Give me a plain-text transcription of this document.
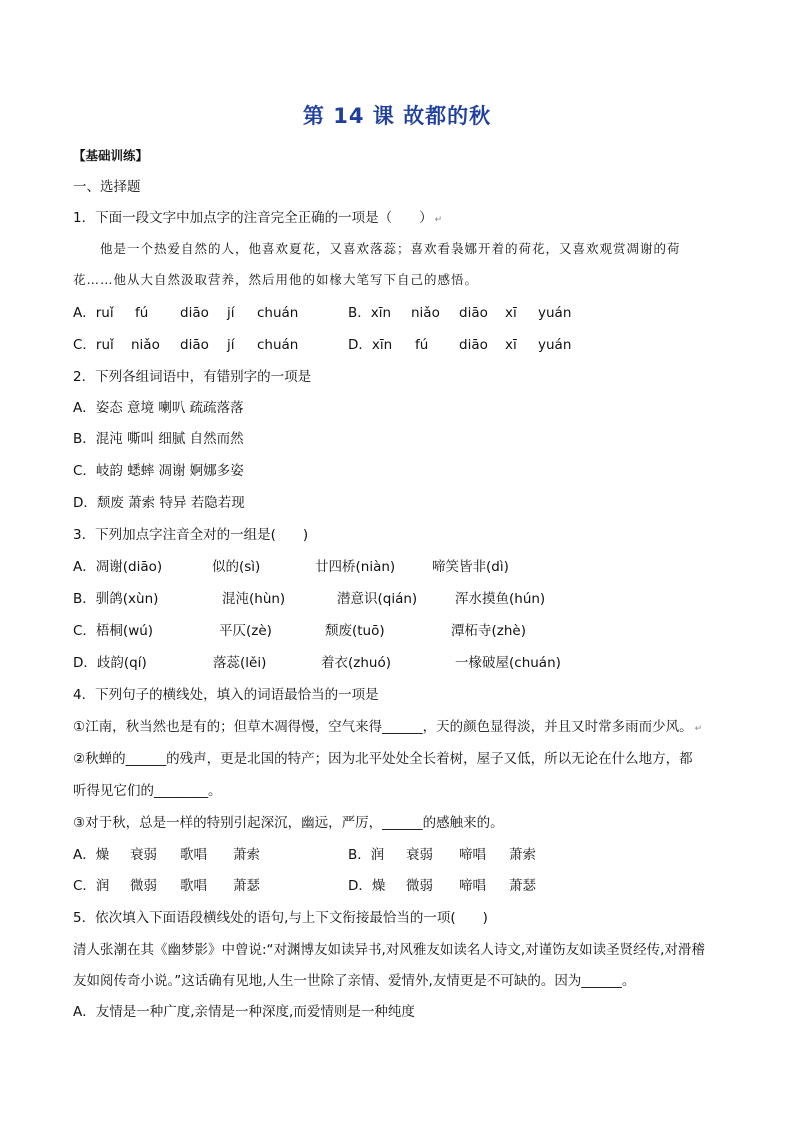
第 14 课 故都的秋
【基础训练】
一、选择题
1．下面一段文字中加点字的注音完全正确的一项是（　　） ↵
他是一个热爱自然的人，他喜欢夏花，又喜欢落蕊；喜欢看袅娜开着的荷花，又喜欢观赏凋谢的荷
花……他从大自然汲取营养，然后用他的如椽大笔写下自己的感悟。
A．ruǐ fú diāo jí chuán	B．xīn niǎo diāo xī yuán
C．ruǐ niǎo diāo jí chuán	D．xīn fú diāo xī yuán
2．下列各组词语中，有错别字的一项是
A．姿态 意境 喇叭 疏疏落落
B．混沌 嘶叫 细腻 自然而然
C．岐韵 蟋蟀 凋谢 婀娜多姿
D．颓废 萧索 特异 若隐若现
3．下列加点字注音全对的一组是(　　)
A．凋谢(diāo)	似的(sì)	廿四桥(niàn)	啼笑皆非(dì)
B．驯鸽(xùn)	混沌(hùn)	潜意识(qián)	浑水摸鱼(hún)
C．梧桐(wú)	平仄(zè)	颓废(tuō)	潭柘寺(zhè)
D．歧韵(qí)	落蕊(lěi)	着衣(zhuó)	一椽破屋(chuán)
4．下列句子的横线处，填入的词语最恰当的一项是
①江南，秋当然也是有的；但草木凋得慢，空气来得______，天的颜色显得淡，并且又时常多雨而少风。 ↵
②秋蝉的______的残声，更是北国的特产；因为北平处处全长着树，屋子又低，所以无论在什么地方，都
听得见它们的________。
③对于秋，总是一样的特别引起深沉，幽远，严厉，______的感触来的。
A．燥 衰弱 歌唱 萧索	B．润 衰弱 啼唱 萧索
C．润 微弱 歌唱 萧瑟	D．燥 微弱 啼唱 萧瑟
5．依次填入下面语段横线处的语句,与上下文衔接最恰当的一项(　　)
清人张潮在其《幽梦影》中曾说:“对渊博友如读异书,对风雅友如读名人诗文,对谨饬友如读圣贤经传,对滑稽
友如阅传奇小说。”这话确有见地,人生一世除了亲情、爱情外,友情更是不可缺的。因为______。
A．友情是一种广度,亲情是一种深度,而爱情则是一种纯度
